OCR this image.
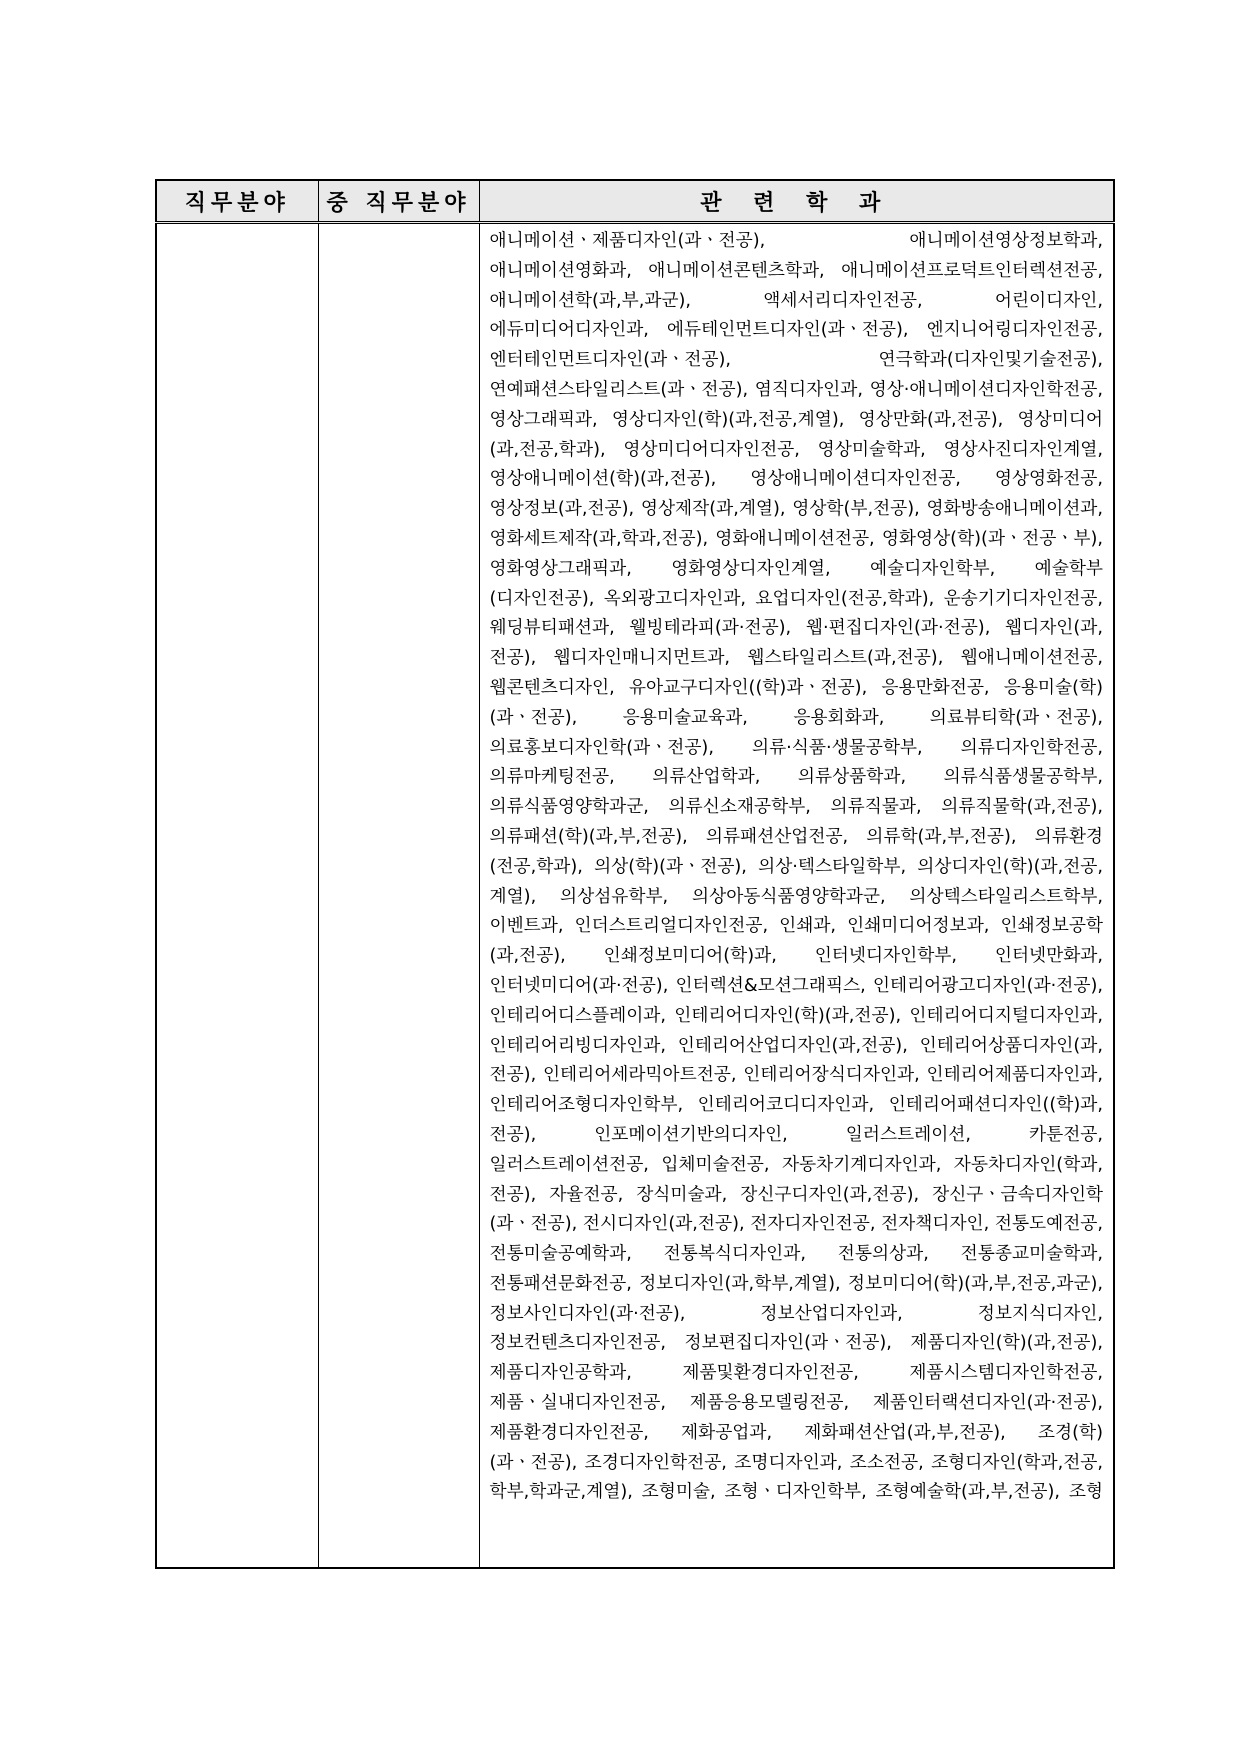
직무분야	중 직무분야	관 련 학 과
		애니메이션ㆍ제품디자인(과ㆍ전공), 애니메이션영상정보학과, 애니메이션영화과, 애니메이션콘텐츠학과, 애니메이션프로덕트인터렉션전공, 애니메이션학(과,부,과군), 액세서리디자인전공, 어린이디자인, 에듀미디어디자인과, 에듀테인먼트디자인(과ㆍ전공), 엔지니어링디자인전공, 엔터테인먼트디자인(과ㆍ전공), 연극학과(디자인및기술전공), 연예패션스타일리스트(과ㆍ전공), 염직디자인과, 영상·애니메이션디자인학전공, 영상그래픽과, 영상디자인(학)(과,전공,계열), 영상만화(과,전공), 영상미디어(과,전공,학과), 영상미디어디자인전공, 영상미술학과, 영상사진디자인계열, 영상애니메이션(학)(과,전공), 영상애니메이션디자인전공, 영상영화전공, 영상정보(과,전공), 영상제작(과,계열), 영상학(부,전공), 영화방송애니메이션과, 영화세트제작(과,학과,전공), 영화애니메이션전공, 영화영상(학)(과ㆍ전공ㆍ부), 영화영상그래픽과, 영화영상디자인계열, 예술디자인학부, 예술학부(디자인전공), 옥외광고디자인과, 요업디자인(전공,학과), 운송기기디자인전공, 웨딩뷰티패션과, 웰빙테라피(과·전공), 웹·편집디자인(과·전공), 웹디자인(과,전공), 웹디자인매니지먼트과, 웹스타일리스트(과,전공), 웹애니메이션전공, 웹콘텐츠디자인, 유아교구디자인((학)과ㆍ전공), 응용만화전공, 응용미술(학)(과ㆍ전공), 응용미술교육과, 응용회화과, 의료뷰티학(과ㆍ전공), 의료홍보디자인학(과ㆍ전공), 의류·식품·생물공학부, 의류디자인학전공, 의류마케팅전공, 의류산업학과, 의류상품학과, 의류식품생물공학부, 의류식품영양학과군, 의류신소재공학부, 의류직물과, 의류직물학(과,전공), 의류패션(학)(과,부,전공), 의류패션산업전공, 의류학(과,부,전공), 의류환경(전공,학과), 의상(학)(과ㆍ전공), 의상·텍스타일학부, 의상디자인(학)(과,전공,계열), 의상섬유학부, 의상아동식품영양학과군, 의상텍스타일리스트학부, 이벤트과, 인더스트리얼디자인전공, 인쇄과, 인쇄미디어정보과, 인쇄정보공학(과,전공), 인쇄정보미디어(학)과, 인터넷디자인학부, 인터넷만화과, 인터넷미디어(과·전공), 인터렉션&모션그래픽스, 인테리어광고디자인(과·전공), 인테리어디스플레이과, 인테리어디자인(학)(과,전공), 인테리어디지털디자인과, 인테리어리빙디자인과, 인테리어산업디자인(과,전공), 인테리어상품디자인(과,전공), 인테리어세라믹아트전공, 인테리어장식디자인과, 인테리어제품디자인과, 인테리어조형디자인학부, 인테리어코디디자인과, 인테리어패션디자인((학)과,전공), 인포메이션기반의디자인, 일러스트레이션, 카툰전공, 일러스트레이션전공, 입체미술전공, 자동차기계디자인과, 자동차디자인(학과,전공), 자율전공, 장식미술과, 장신구디자인(과,전공), 장신구ㆍ금속디자인학(과ㆍ전공), 전시디자인(과,전공), 전자디자인전공, 전자책디자인, 전통도예전공, 전통미술공예학과, 전통복식디자인과, 전통의상과, 전통종교미술학과, 전통패션문화전공, 정보디자인(과,학부,계열), 정보미디어(학)(과,부,전공,과군), 정보사인디자인(과·전공), 정보산업디자인과, 정보지식디자인, 정보컨텐츠디자인전공, 정보편집디자인(과ㆍ전공), 제품디자인(학)(과,전공), 제품디자인공학과, 제품및환경디자인전공, 제품시스템디자인학전공, 제품ㆍ실내디자인전공, 제품응용모델링전공, 제품인터랙션디자인(과·전공), 제품환경디자인전공, 제화공업과, 제화패션산업(과,부,전공), 조경(학)(과ㆍ전공), 조경디자인학전공, 조명디자인과, 조소전공, 조형디자인(학과,전공,학부,학과군,계열), 조형미술, 조형ㆍ디자인학부, 조형예술학(과,부,전공), 조형
